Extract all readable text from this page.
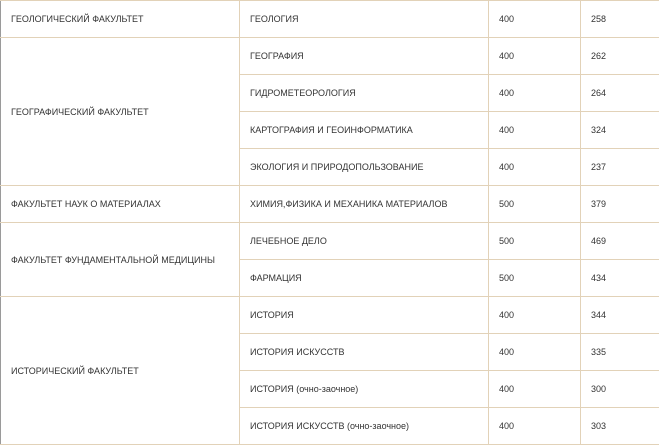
ГЕОЛОГИЧЕСКИЙ ФАКУЛЬТЕТ	ГЕОЛОГИЯ	400	258
ГЕОГРАФИЧЕСКИЙ ФАКУЛЬТЕТ	ГЕОГРАФИЯ	400	262
	ГИДРОМЕТЕОРОЛОГИЯ	400	264
	КАРТОГРАФИЯ И ГЕОИНФОРМАТИКА	400	324
	ЭКОЛОГИЯ И ПРИРОДОПОЛЬЗОВАНИЕ	400	237
ФАКУЛЬТЕТ НАУК О МАТЕРИАЛАХ	ХИМИЯ,ФИЗИКА И МЕХАНИКА МАТЕРИАЛОВ	500	379
ФАКУЛЬТЕТ ФУНДАМЕНТАЛЬНОЙ МЕДИЦИНЫ	ЛЕЧЕБНОЕ ДЕЛО	500	469
	ФАРМАЦИЯ	500	434
ИСТОРИЧЕСКИЙ ФАКУЛЬТЕТ	ИСТОРИЯ	400	344
	ИСТОРИЯ ИСКУССТВ	400	335
	ИСТОРИЯ (очно-заочное)	400	300
	ИСТОРИЯ ИСКУССТВ (очно-заочное)	400	303
